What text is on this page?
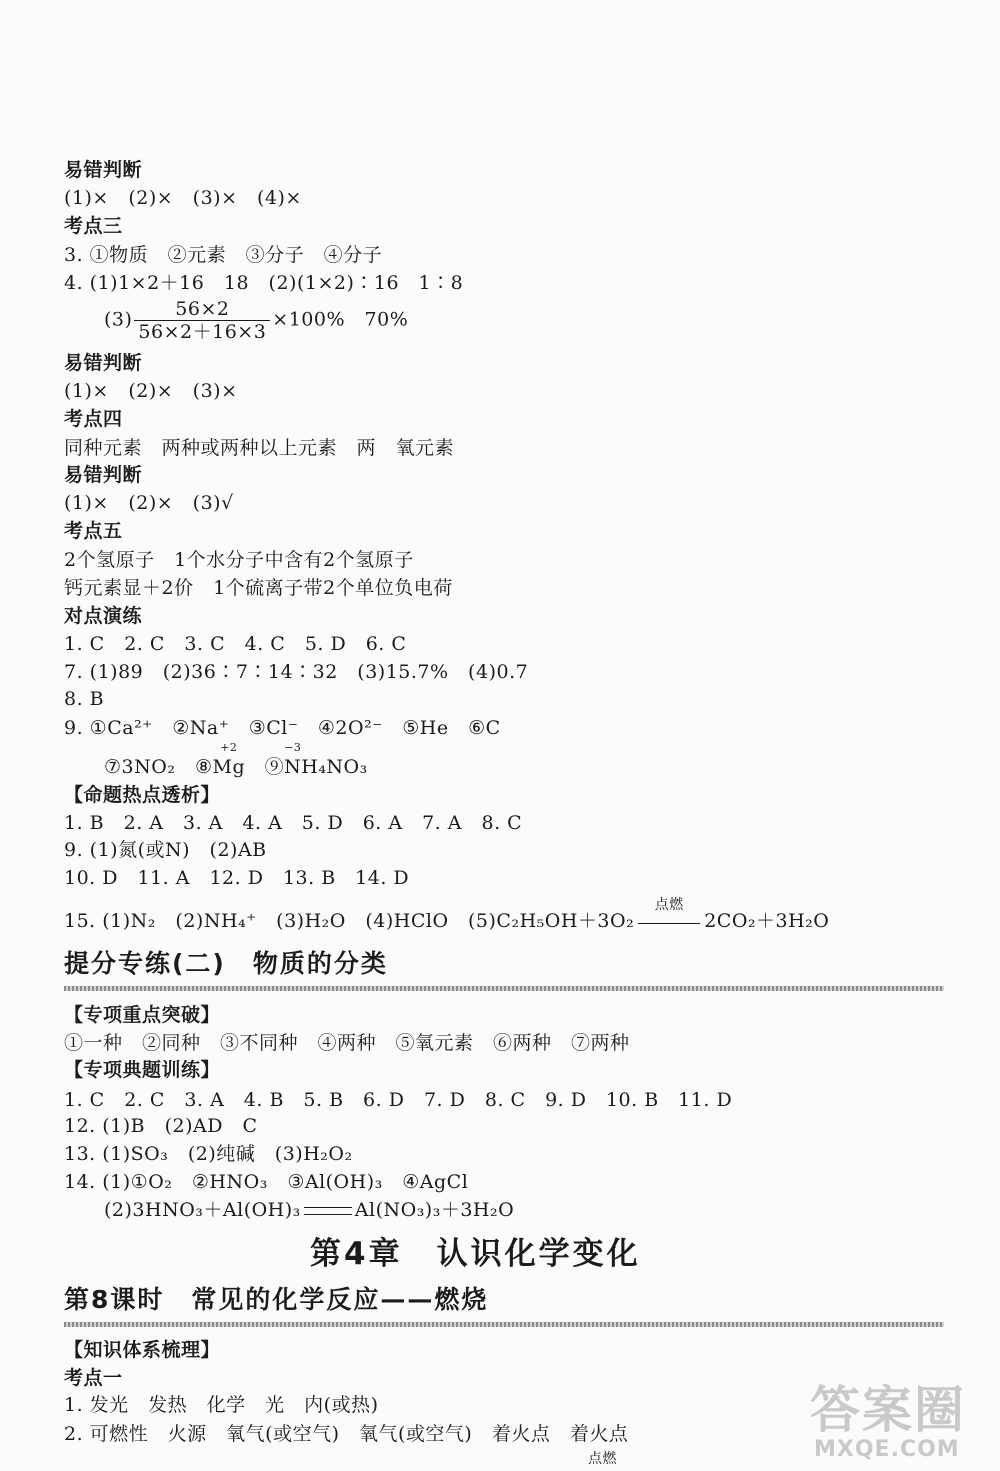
易错判断
(1)×　(2)×　(3)×　(4)×
考点三
3. ①物质　②元素　③分子　④分子
4. (1)1×2＋16　18　(2)(1×2)∶16　1∶8
$(3) \frac{56\times 2}{56\times 2+16\times 3} \times 100\%$　70%
易错判断
(1)×　(2)×　(3)×
考点四
同种元素　两种或两种以上元素　两　氧元素
易错判断
(1)×　(2)×　(3)√
考点五
2个氢原子　1个水分子中含有2个氢原子
钙元素显＋2价　1个硫离子带2个单位负电荷
对点演练
1. C　2. C　3. C　4. C　5. D　6. C
7. (1)89　(2)36∶7∶14∶32　(3)15.7%　(4)0.7
8. B
9. ①Ca²⁺　②Na⁺　③Cl⁻　④2O²⁻　⑤He　⑥C
⑦3NO₂　⑧
+2
Mg　⑨
−3
NH₄NO₃
【命题热点透析】
1. B　2. A　3. A　4. A　5. D　6. A　7. A　8. C
9. (1)氮(或N)　(2)AB
10. D　11. A　12. D　13. B　14. D
15. (1)N₂　(2)NH₄⁺　(3)H₂O　(4)HClO　(5)C₂H₅OH＋3O₂
点燃
2CO₂＋3H₂O
提分专练(二)　物质的分类
【专项重点突破】
①一种　②同种　③不同种　④两种　⑤氧元素　⑥两种　⑦两种
【专项典题训练】
1. C　2. C　3. A　4. B　5. B　6. D　7. D　8. C　9. D　10. B　11. D
12. (1)B　(2)AD　C
13. (1)SO₃　(2)纯碱　(3)H₂O₂
14. (1)①O₂　②HNO₃　③Al(OH)₃　④AgCl
(2)3HNO₃＋Al(OH)₃	Al(NO₃)₃＋3H₂O
第4章　认识化学变化
第8课时　常见的化学反应——燃烧
【知识体系梳理】
考点一
1. 发光　发热　化学　光　内(或热)
2. 可燃性　火源　氧气(或空气)　氧气(或空气)　着火点　着火点
点燃
答案圈
MXQE.COM
